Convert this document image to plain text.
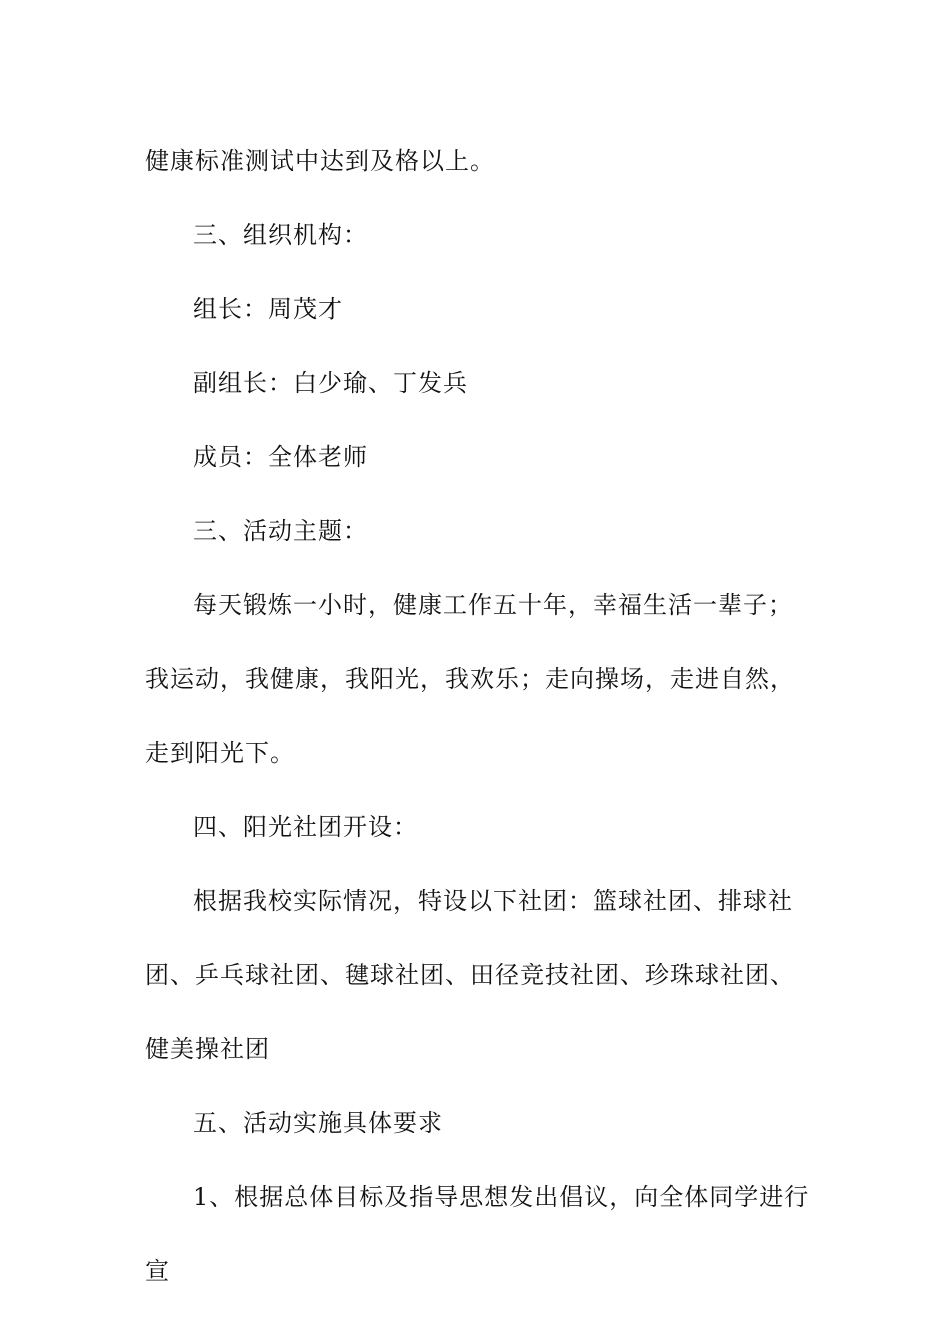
健康标准测试中达到及格以上。

三、组织机构：

组长：周茂才

副组长：白少瑜、丁发兵

成员：全体老师

三、活动主题：

每天锻炼一小时，健康工作五十年，幸福生活一辈子；我运动，我健康，我阳光，我欢乐；走向操场，走进自然，走到阳光下。

四、阳光社团开设：

根据我校实际情况，特设以下社团：篮球社团、排球社团、乒乓球社团、毽球社团、田径竞技社团、珍珠球社团、健美操社团

五、活动实施具体要求

1、根据总体目标及指导思想发出倡议，向全体同学进行宣
